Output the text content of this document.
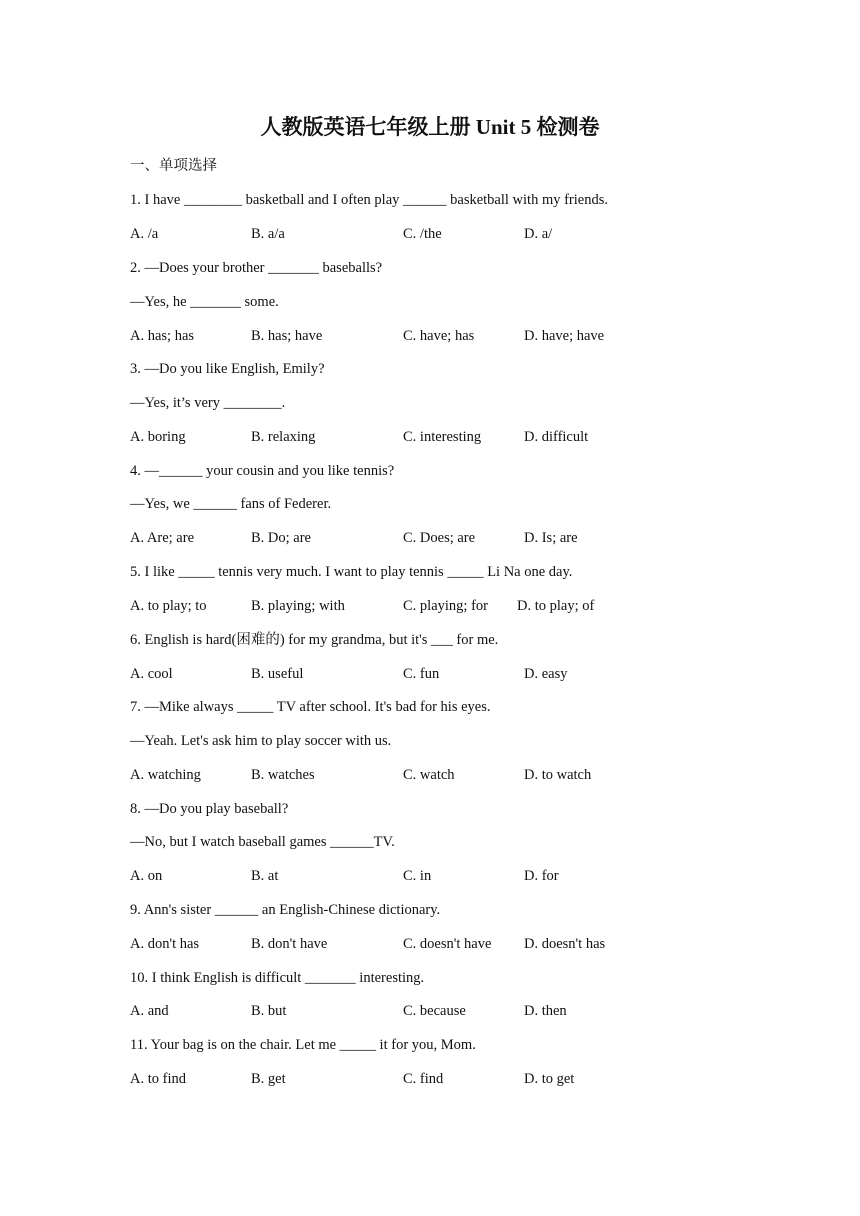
人教版英语七年级上册 Unit 5 检测卷
一、单项选择
1. I have ________ basketball and I often play ______ basketball with my friends.
A. /a	B. a/a	C. /the	D. a/
2. —Does your brother _______ baseballs?
—Yes, he _______ some.
A. has; has	B. has; have	C. have; has	D. have; have
3. —Do you like English, Emily?
—Yes, it’s very ________.
A. boring	B. relaxing	C. interesting	D. difficult
4. —______ your cousin and you like tennis?
—Yes, we ______ fans of Federer.
A. Are; are	B. Do; are	C. Does; are	D. Is; are
5. I like _____ tennis very much. I want to play tennis _____ Li Na one day.
A. to play; to	B. playing; with	C. playing; for D. to play; of
6. English is hard(困难的) for my grandma, but it's ___ for me.
A. cool	B. useful	C. fun	D. easy
7. —Mike always _____ TV after school. It's bad for his eyes.
—Yeah. Let's ask him to play soccer with us.
A. watching	B. watches	C. watch	D. to watch
8. —Do you play baseball?
—No, but I watch baseball games ______TV.
A. on	B. at	C. in	D. for
9. Ann's sister ______ an English-Chinese dictionary.
A. don't has	B. don't have	C. doesn't have D. doesn't has
10. I think English is difficult _______ interesting.
A. and	B. but	C. because	D. then
11. Your bag is on the chair. Let me _____ it for you, Mom.
A. to find	B. get	C. find	D. to get
